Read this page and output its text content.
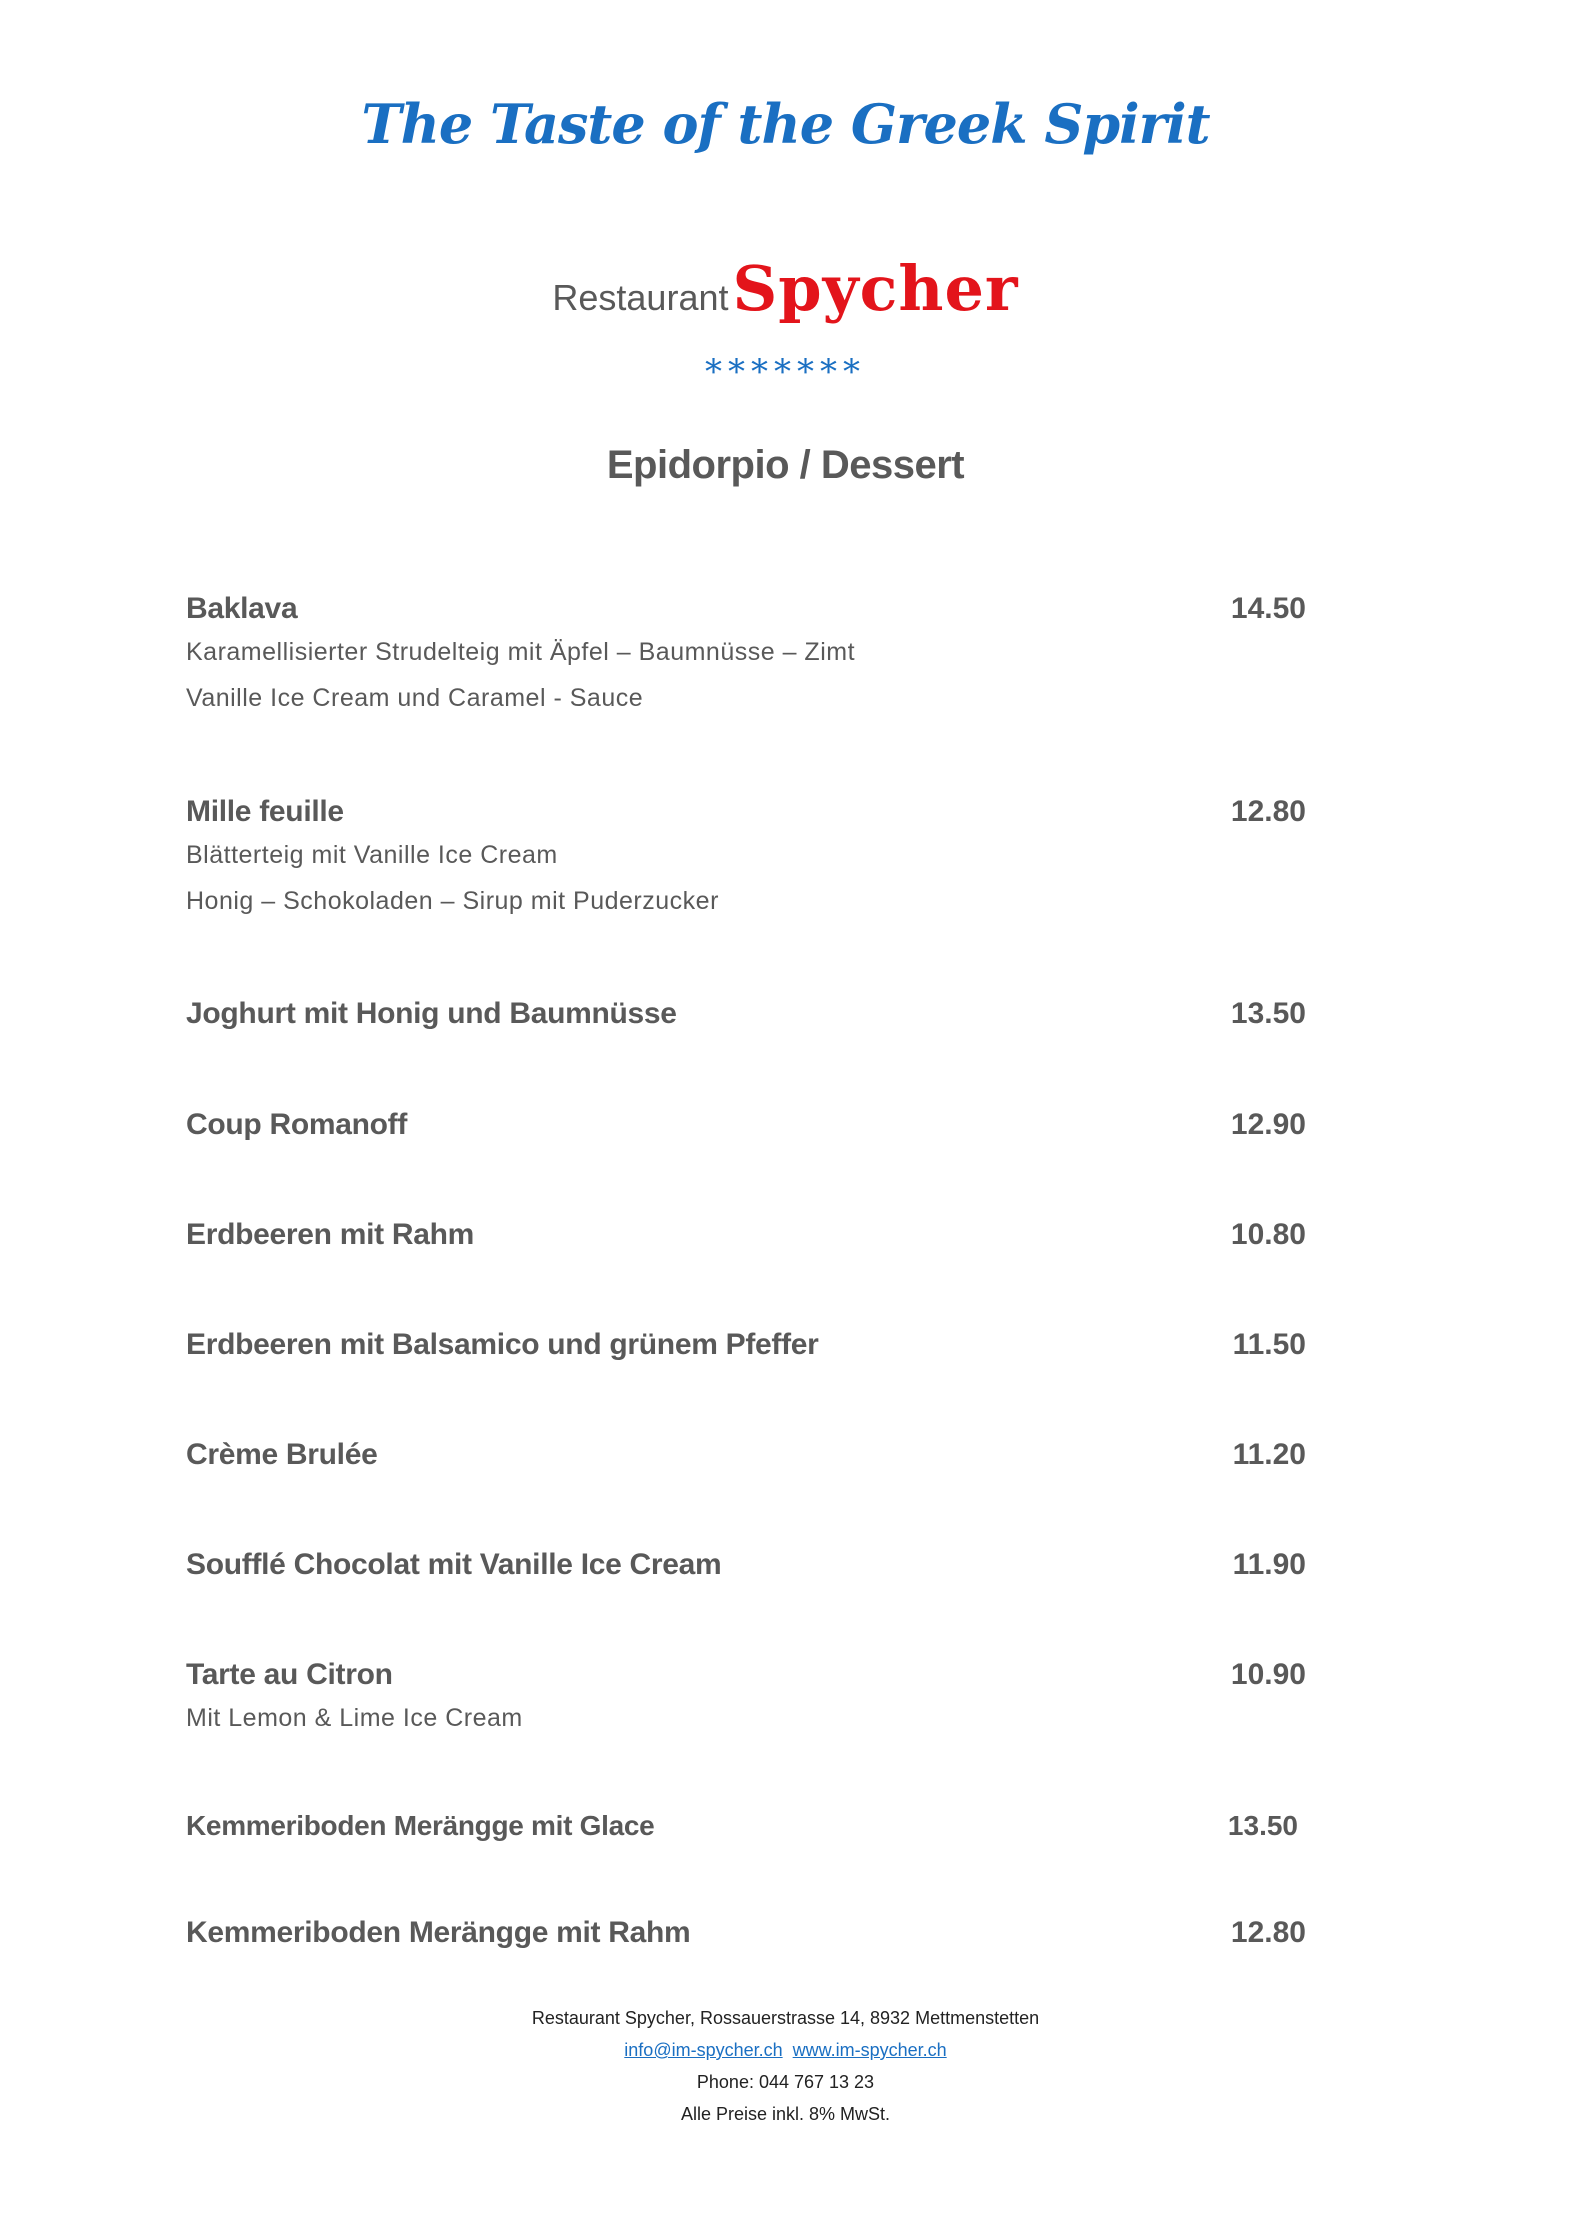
The Taste of the Greek Spirit
RestaurantSpycher
*******
Epidorpio / Dessert
Baklava	14.50
Karamellisierter Strudelteig mit Äpfel – Baumnüsse – Zimt
Vanille Ice Cream und Caramel - Sauce
Mille feuille	12.80
Blätterteig mit Vanille Ice Cream
Honig – Schokoladen – Sirup mit Puderzucker
Joghurt mit Honig und Baumnüsse	13.50
Coup Romanoff	12.90
Erdbeeren mit Rahm	10.80
Erdbeeren mit Balsamico und grünem Pfeffer	11.50
Crème Brulée	11.20
Soufflé Chocolat mit Vanille Ice Cream	11.90
Tarte au Citron	10.90
Mit Lemon & Lime Ice Cream
Kemmeriboden Merängge mit Glace	13.50
Kemmeriboden Merängge mit Rahm	12.80
Restaurant Spycher, Rossauerstrasse 14, 8932 Mettmenstetten
info@im-spycher.ch www.im-spycher.ch
Phone: 044 767 13 23
Alle Preise inkl. 8% MwSt.
